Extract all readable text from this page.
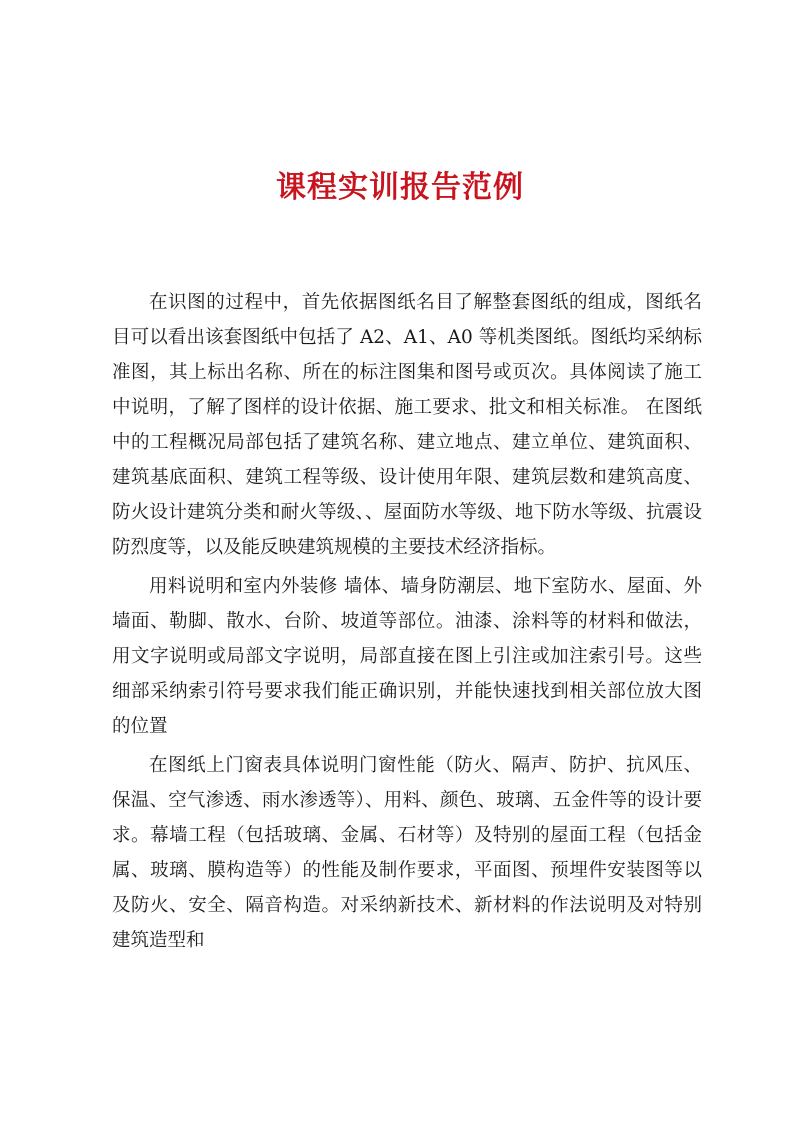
课程实训报告范例

在识图的过程中，首先依据图纸名目了解整套图纸的组成，图纸名目可以看出该套图纸中包括了 A2、A1、A0 等机类图纸。图纸均采纳标准图，其上标出名称、所在的标注图集和图号或页次。具体阅读了施工中说明，了解了图样的设计依据、施工要求、批文和相关标准。 在图纸中的工程概况局部包括了建筑名称、建立地点、建立单位、建筑面积、建筑基底面积、建筑工程等级、设计使用年限、建筑层数和建筑高度、防火设计建筑分类和耐火等级、、屋面防水等级、地下防水等级、抗震设防烈度等，以及能反映建筑规模的主要技术经济指标。

用料说明和室内外装修 墙体、墙身防潮层、地下室防水、屋面、外墙面、勒脚、散水、台阶、坡道等部位。油漆、涂料等的材料和做法，用文字说明或局部文字说明，局部直接在图上引注或加注索引号。这些细部采纳索引符号要求我们能正确识别，并能快速找到相关部位放大图的位置

在图纸上门窗表具体说明门窗性能（防火、隔声、防护、抗风压、保温、空气渗透、雨水渗透等）、用料、颜色、玻璃、五金件等的设计要求。幕墙工程（包括玻璃、金属、石材等）及特别的屋面工程（包括金属、玻璃、膜构造等）的性能及制作要求，平面图、预埋件安装图等以及防火、安全、隔音构造。对采纳新技术、新材料的作法说明及对特别建筑造型和
